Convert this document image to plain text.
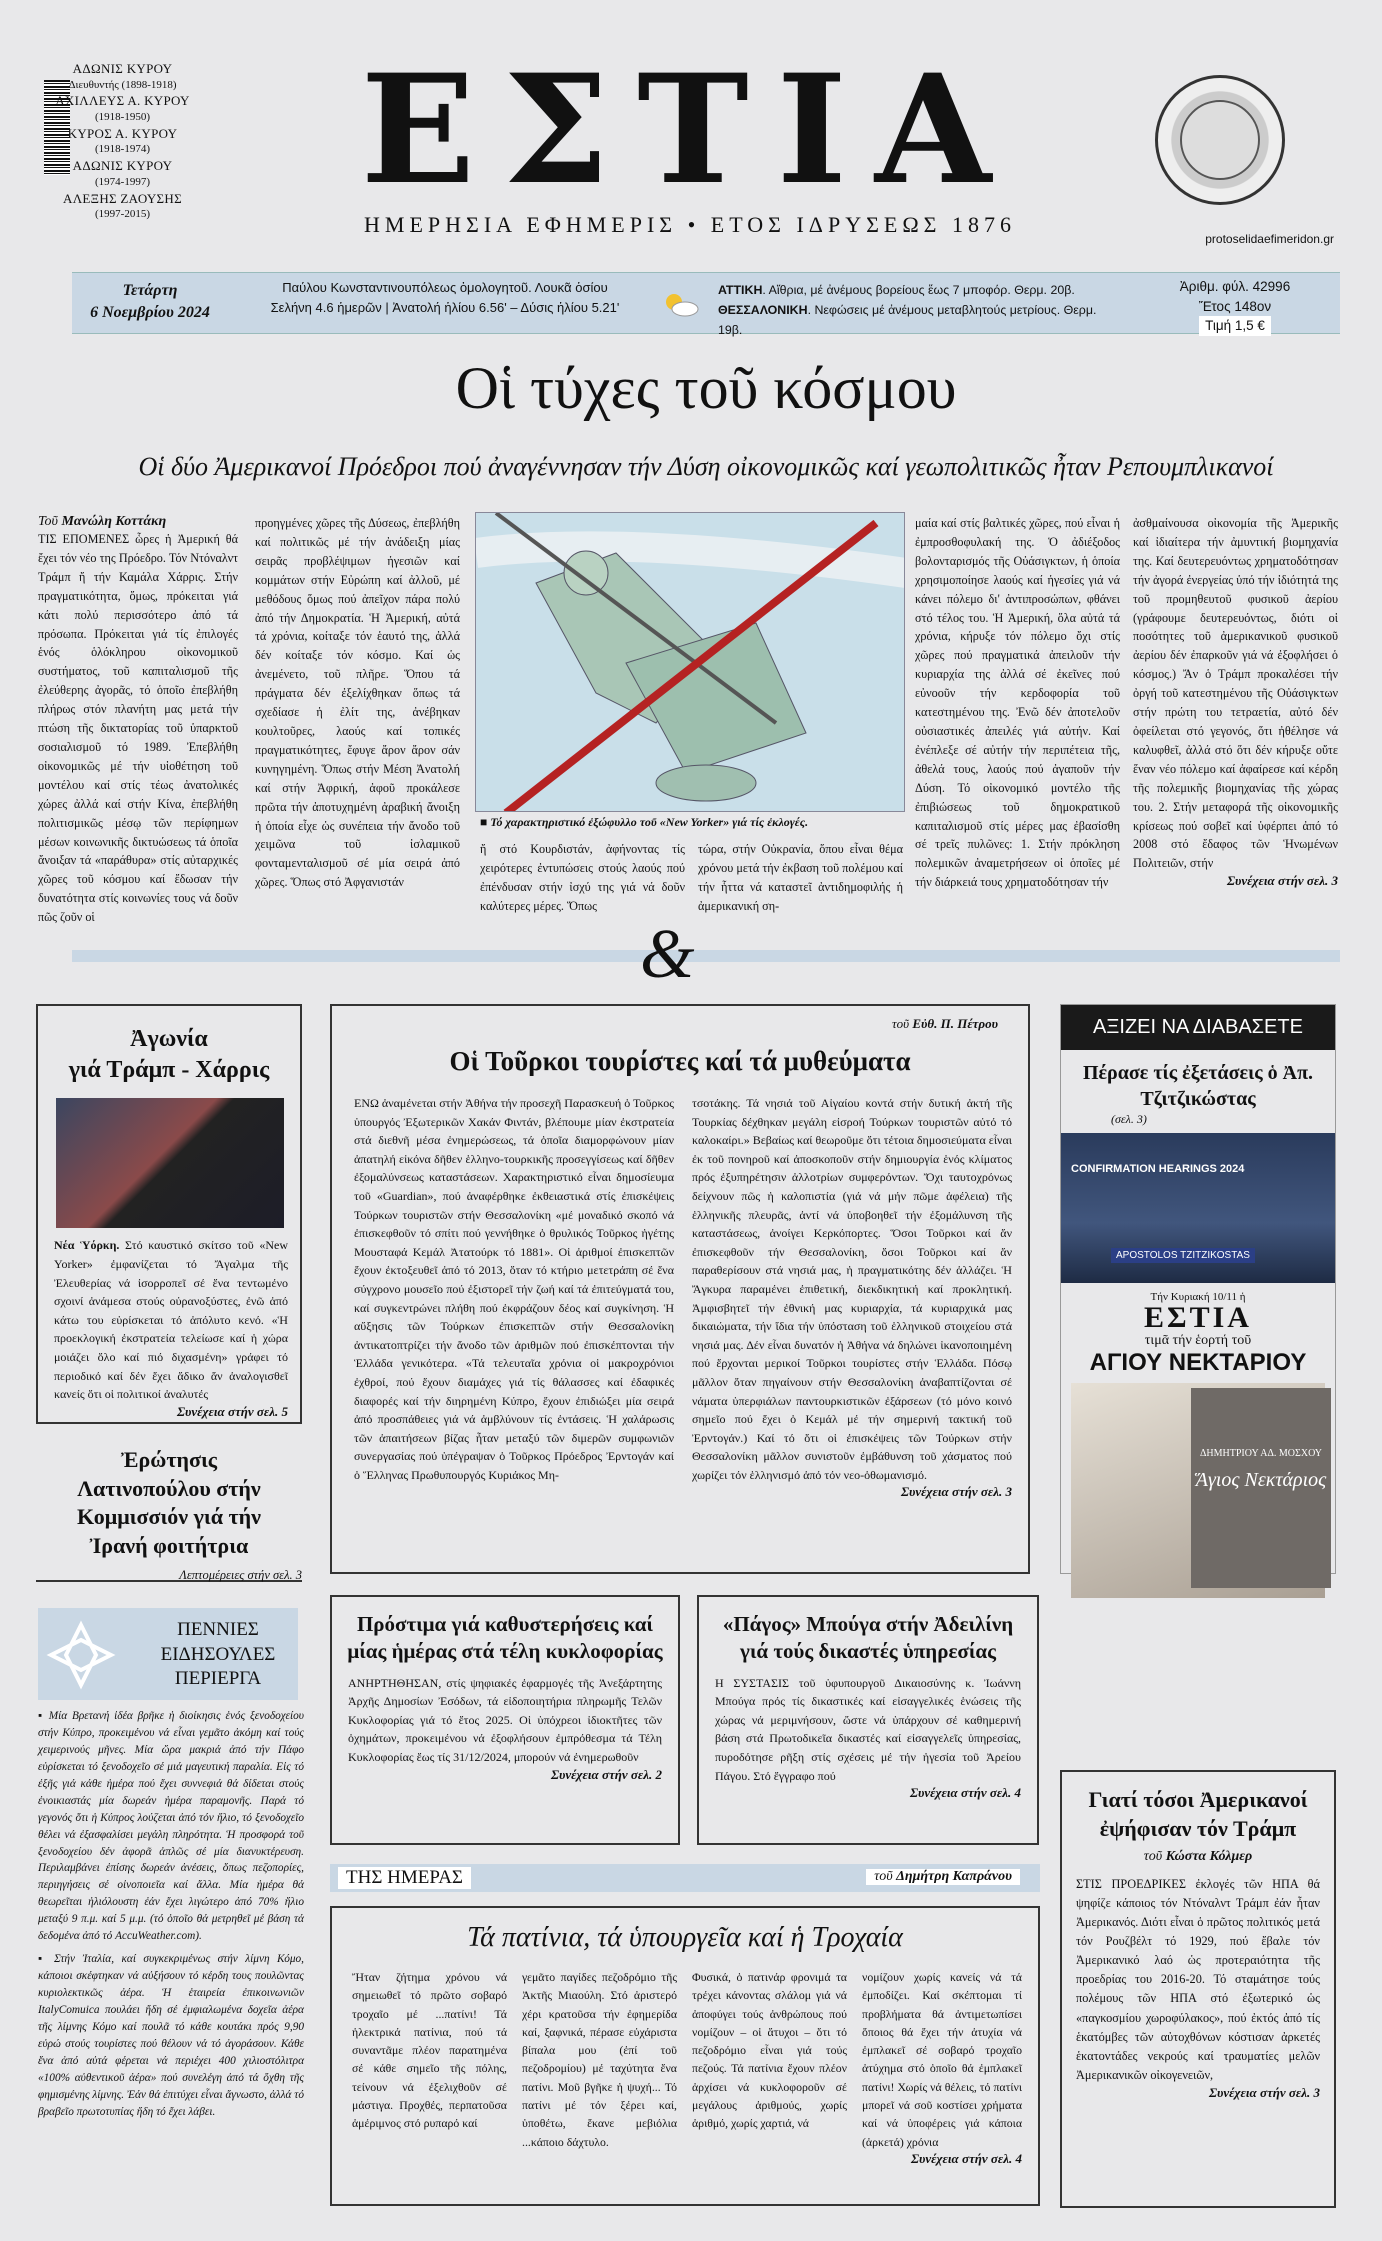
ΑΔΩΝΙΣ ΚΥΡΟΥ
Διευθυντής (1898-1918)
ΑΧΙΛΛΕΥΣ Α. ΚΥΡΟΥ
(1918-1950)
ΚΥΡΟΣ Α. ΚΥΡΟΥ
(1918-1974)
ΑΔΩΝΙΣ ΚΥΡΟΥ
(1974-1997)
ΑΛΕΞΗΣ ΖΑΟΥΣΗΣ
(1997-2015)	ΕΣΤΙΑ
ΗΜΕΡΗΣΙΑ ΕΦΗΜΕΡΙΣ • ΕΤΟΣ ΙΔΡΥΣΕΩΣ 1876
protoselidaefimeridon.gr
Τετάρτη
6 Νοεμβρίου 2024
Παύλου Κωνσταντινουπόλεως ὁμολογητοῦ. Λουκᾶ ὁσίου
Σελήνη 4.6 ἡμερῶν | Ἀνατολή ἡλίου 6.56' – Δύσις ἡλίου 5.21'
ΑΤΤΙΚΗ. Αἴθρια, μέ ἀνέμους βορείους ἕως 7 μποφόρ. Θερμ. 20β.
ΘΕΣΣΑΛΟΝΙΚΗ. Νεφώσεις μέ ἀνέμους μεταβλητούς μετρίους. Θερμ. 19β.
Ἀριθμ. φύλ. 42996
Ἔτος 148ον
Τιμή 1,5 €
Οἱ τύχες τοῦ κόσμου
Οἱ δύο Ἀμερικανοί Πρόεδροι πού ἀναγέννησαν τήν Δύση οἰκονομικῶς καί γεωπολιτικῶς ἦταν Ρεπουμπλικανοί
Τοῦ Μανώλη Κοττάκη
ΤΙΣ ΕΠΟΜΕΝΕΣ ὧρες ἡ Ἀμερική θά ἔχει τόν νέο της Πρόεδρο. Τόν Ντόναλντ Τράμπ ἤ τήν Καμάλα Χάρρις. Στήν πραγματικότητα, ὅμως, πρόκειται γιά κάτι πολύ περισσότερο ἀπό τά πρόσωπα. Πρόκειται γιά τίς ἐπιλογές ἑνός ὁλόκληρου οἰκονομικοῦ συστήματος, τοῦ καπιταλισμοῦ τῆς ἐλεύθερης ἀγορᾶς, τό ὁποῖο ἐπεβλήθη πλήρως στόν πλανήτη μας μετά τήν πτώση τῆς δικτατορίας τοῦ ὑπαρκτοῦ σοσιαλισμοῦ τό 1989. Ἐπεβλήθη οἰκονομικῶς μέ τήν υἱοθέτηση τοῦ μοντέλου καί στίς τέως ἀνατολικές χώρες ἀλλά καί στήν Κίνα, ἐπεβλήθη πολιτισμικῶς μέσῳ τῶν περίφημων μέσων κοινωνικῆς δικτυώσεως τά ὁποῖα ἄνοιξαν τά «παράθυρα» στίς αὐταρχικές χῶρες τοῦ κόσμου καί ἔδωσαν τήν δυνατότητα στίς κοινωνίες τους νά δοῦν πῶς ζοῦν οἱ
προηγμένες χῶρες τῆς Δύσεως, ἐπεβλήθη καί πολιτικῶς μέ τήν ἀνάδειξη μίας σειρᾶς προβλέψιμων ἡγεσιῶν καί κομμάτων στήν Εὐρώπη καί ἀλλοῦ, μέ μεθόδους ὅμως πού ἀπεῖχον πάρα πολύ ἀπό τήν Δημοκρατία. Ἡ Ἀμερική, αὐτά τά χρόνια, κοίταξε τόν ἑαυτό της, ἀλλά δέν κοίταξε τόν κόσμο. Καί ὡς ἀνεμένετο, τοῦ πλῆρε. Ὅπου τά πράγματα δέν ἐξελίχθηκαν ὅπως τά σχεδίασε ἡ ἐλίτ της, ἀνέβηκαν κουλτοῦρες, λαούς καί τοπικές πραγματικότητες, ἔφυγε ἄρον ἄρον σάν κυνηγημένη. Ὅπως στήν Μέση Ἀνατολή καί στήν Ἀφρική, ἀφοῦ προκάλεσε πρῶτα τήν ἀποτυχημένη ἀραβική ἄνοιξη ἡ ὁποία εἶχε ὡς συνέπεια τήν ἄνοδο τοῦ χειμῶνα τοῦ ἰσλαμικοῦ φονταμενταλισμοῦ σέ μία σειρά ἀπό χῶρες. Ὅπως στό Ἀφγανιστάν
■ Τό χαρακτηριστικό ἐξώφυλλο τοῦ «New Yorker» γιά τίς ἐκλογές.
ἤ στό Κουρδιστάν, ἀφήνοντας τίς χειρότερες ἐντυπώσεις στούς λαούς πού ἐπένδυσαν στήν ἰσχύ της γιά νά δοῦν καλύτερες μέρες. Ὅπως
τώρα, στήν Οὐκρανία, ὅπου εἶναι θέμα χρόνου μετά τήν ἐκβαση τοῦ πολέμου καί τήν ἧττα νά καταστεῖ ἀντιδημοφιλής ἡ ἀμερικανική ση-
μαία καί στίς βαλτικές χῶρες, πού εἶναι ἡ ἐμπροσθοφυλακή της. Ὁ ἀδιέξοδος βολονταρισμός τῆς Οὐάσιγκτων, ἡ ὁποία χρησιμοποίησε λαούς καί ἡγεσίες γιά νά κάνει πόλεμο δι' ἀντιπροσώπων, φθάνει στό τέλος του. Ἡ Ἀμερική, ὅλα αὐτά τά χρόνια, κήρυξε τόν πόλεμο ὄχι στίς χῶρες πού πραγματικά ἀπειλοῦν τήν κυριαρχία της ἀλλά σέ ἐκεῖνες πού εὐνοοῦν τήν κερδοφορία τοῦ κατεστημένου της. Ἐνῶ δέν ἀποτελοῦν οὐσιαστικές ἀπειλές γιά αὐτήν. Καί ἐνέπλεξε σέ αὐτήν τήν περιπέτεια τῆς, ἀθελά τους, λαούς πού ἀγαποῦν τήν Δύση. Τό οἰκονομικό μοντέλο τῆς ἐπιβιώσεως τοῦ δημοκρατικοῦ καπιταλισμοῦ στίς μέρες μας ἐβασίσθη σέ τρεῖς πυλῶνες: 1. Στήν πρόκληση πολεμικῶν ἀναμετρήσεων οἱ ὁποῖες μέ τήν διάρκειά τους χρηματοδότησαν τήν
ἀσθμαίνουσα οἰκονομία τῆς Ἀμερικῆς καί ἰδιαίτερα τήν ἀμυντική βιομηχανία της. Καί δευτερευόντως χρηματοδότησαν τήν ἀγορά ἐνεργείας ὑπό τήν ἰδιότητά της τοῦ προμηθευτοῦ φυσικοῦ ἀερίου (γράφουμε δευτερευόντως, διότι οἱ ποσότητες τοῦ ἀμερικανικοῦ φυσικοῦ ἀερίου δέν ἐπαρκοῦν γιά νά ἐξοφλήσει ὁ κόσμος.) Ἄν ὁ Τράμπ προκαλέσει τήν ὀργή τοῦ κατεστημένου τῆς Οὐάσιγκτων στήν πρώτη του τετραετία, αὐτό δέν ὀφείλεται στό γεγονός, ὅτι ἠθέλησε νά καλυφθεῖ, ἀλλά στό ὅτι δέν κήρυξε οὔτε ἕναν νέο πόλεμο καί ἀφαίρεσε καί κέρδη τῆς πολεμικῆς βιομηχανίας τῆς χώρας του. 2. Στήν μεταφορά τῆς οἰκονομικῆς κρίσεως πού σοβεῖ καί ὑφέρπει ἀπό τό 2008 στό ἔδαφος τῶν Ἡνωμένων Πολιτειῶν, στήν
Συνέχεια στήν σελ. 3
&
Ἀγωνία
γιά Τράμπ - Χάρρις
Νέα Ὑόρκη. Στό καυστικό σκίτσο τοῦ «New Yorker» ἐμφανίζεται τό Ἄγαλμα τῆς Ἐλευθερίας νά ἰσορροπεῖ σέ ἕνα τεντωμένο σχοινί ἀνάμεσα στούς οὐρανοξύστες, ἐνῶ ἀπό κάτω του εὑρίσκεται τό ἀπόλυτο κενό. «Ἡ προεκλογική ἐκστρατεία τελείωσε καί ἡ χώρα μοιάζει ὅλο καί πιό διχασμένη» γράφει τό περιοδικό καί δέν ἔχει ἄδικο ἄν ἀναλογισθεῖ κανείς ὅτι οἱ πολιτικοί ἀναλυτές
Συνέχεια στήν σελ. 5
Ἐρώτησις Λατινοπούλου στήν Κομμισσιόν γιά τήν Ἰρανή φοιτήτρια
Λεπτομέρειες στήν σελ. 3
τοῦ Εὐθ. Π. Πέτρου
Οἱ Τοῦρκοι τουρίστες καί τά μυθεύματα
ΕΝΩ ἀναμένεται στήν Ἀθήνα τήν προσεχῆ Παρασκευή ὁ Τοῦρκος ὑπουργός Ἐξωτερικῶν Χακάν Φιντάν, βλέπουμε μίαν ἐκστρατεία στά διεθνῆ μέσα ἐνημερώσεως, τά ὁποῖα διαμορφώνουν μίαν ἀπατηλή εἰκόνα δῆθεν ἑλληνο-τουρκικῆς προσεγγίσεως καί δῆθεν ἐξομαλύνσεως καταστάσεων. Χαρακτηριστικό εἶναι δημοσίευμα τοῦ «Guardian», πού ἀναφέρθηκε ἐκθειαστικά στίς ἐπισκέψεις Τούρκων τουριστῶν στήν Θεσσαλονίκη «μέ μοναδικό σκοπό νά ἐπισκεφθοῦν τό σπίτι πού γεννήθηκε ὁ θρυλικός Τοῦρκος ἡγέτης Μουσταφά Κεμάλ Ἀτατούρκ τό 1881». Οἱ ἀριθμοί ἐπισκεπτῶν ἔχουν ἐκτοξευθεῖ ἀπό τό 2013, ὅταν τό κτήριο μετετράπη σέ ἕνα σύγχρονο μουσεῖο πού ἐξιστορεῖ τήν ζωή καί τά ἐπιτεύγματά του, καί συγκεντρώνει πλήθη πού ἐκφράζουν δέος καί συγκίνηση. Ἡ αὔξησις τῶν Τούρκων ἐπισκεπτῶν στήν Θεσσαλονίκη ἀντικατοπτρίζει τήν ἄνοδο τῶν ἀριθμῶν πού ἐπισκέπτονται τήν Ἑλλάδα γενικότερα. «Τά τελευταῖα χρόνια οἱ μακροχρόνιοι ἐχθροί, πού ἔχουν διαμάχες γιά τίς θάλασσες καί ἐδαφικές διαφορές καί τήν διηρημένη Κύπρο, ἔχουν ἐπιδιώξει μία σειρά ἀπό προσπάθειες γιά νά ἀμβλύνουν τίς ἐντάσεις. Ἡ χαλάρωσις τῶν ἀπαιτήσεων βίζας ἦταν μεταξύ τῶν διμερῶν συμφωνιῶν συνεργασίας πού ὑπέγραψαν ὁ Τοῦρκος Πρόεδρος Ἐρντογάν καί ὁ Ἕλληνας Πρωθυπουργός Κυριάκος Μη-
τσοτάκης. Τά νησιά τοῦ Αἰγαίου κοντά στήν δυτική ἀκτή τῆς Τουρκίας δέχθηκαν μεγάλη εἰσροή Τούρκων τουριστῶν αὐτό τό καλοκαίρι.» Βεβαίως καί θεωροῦμε ὅτι τέτοια δημοσιεύματα εἶναι ἐκ τοῦ πονηροῦ καί ἀποσκοποῦν στήν δημιουργία ἑνός κλίματος πρός ἐξυπηρέτησιν ἀλλοτρίων συμφερόντων. Ὄχι ταυτοχρόνως δείχνουν πῶς ἡ καλοπιστία (γιά νά μήν πῶμε ἀφέλεια) τῆς ἑλληνικῆς πλευρᾶς, ἀντί νά ὑποβοηθεῖ τήν ἐξομάλυνση τῆς καταστάσεως, ἀνοίγει Κερκόπορτες. Ὅσοι Τοῦρκοι καί ἄν ἐπισκεφθοῦν τήν Θεσσαλονίκη, ὅσοι Τοῦρκοι καί ἄν παραθερίσουν στά νησιά μας, ἡ πραγματικότης δέν ἀλλάζει. Ἡ Ἄγκυρα παραμένει ἐπιθετική, διεκδικητική καί προκλητική. Ἀμφισβητεῖ τήν ἐθνική μας κυριαρχία, τά κυριαρχικά μας δικαιώματα, τήν ἴδια τήν ὑπόσταση τοῦ ἑλληνικοῦ στοιχείου στά νησιά μας. Δέν εἶναι δυνατόν ἡ Ἀθήνα νά δηλώνει ἱκανοποιημένη πού ἔρχονται μερικοί Τοῦρκοι τουρίστες στήν Ἑλλάδα. Πόσῳ μᾶλλον ὅταν πηγαίνουν στήν Θεσσαλονίκη ἀναβαπτίζονται σέ νάματα ὑπερφιάλων παντουρκιστικῶν ἐξάρσεων (τό μόνο κοινό σημεῖο πού ἔχει ὁ Κεμάλ μέ τήν σημερινή τακτική τοῦ Ἐρντογάν.) Καί τό ὅτι οἱ ἐπισκέψεις τῶν Τούρκων στήν Θεσσαλονίκη μᾶλλον συνιστοῦν ἐμβάθυνση τοῦ χάσματος πού χωρίζει τόν ἑλληνισμό ἀπό τόν νεο-ὀθωμανισμό.
Συνέχεια στήν σελ. 3
ΑΞΙΖΕΙ ΝΑ ΔΙΑΒΑΣΕΤΕ
Πέρασε τίς ἐξετάσεις ὁ Ἀπ. Τζιτζικώστας
(σελ. 3)
CONFIRMATION HEARINGS 2024
APOSTOLOS TZITZIKOSTAS
Τήν Κυριακή 10/11 ἡ
ΕΣΤΙΑ
τιμᾶ τήν ἑορτή τοῦ
ΑΓΙΟΥ ΝΕΚΤΑΡΙΟΥ
ΔΗΜΗΤΡΙΟΥ ΑΔ. ΜΟΣΧΟΥ
Ἅγιος Νεκτάριος
ΠΕΝΝΙΕΣ ΕΙΔΗΣΟΥΛΕΣ ΠΕΡΙΕΡΓΑ
▪ Μία Βρετανή ἰδέα βρῆκε ἡ διοίκησις ἑνός ξενοδοχείου στήν Κύπρο, προκειμένου νά εἶναι γεμᾶτο ἀκόμη καί τούς χειμερινούς μῆνες. Μία ὥρα μακριά ἀπό τήν Πάφο εὑρίσκεται τό ξενοδοχεῖο σέ μιά μαγευτική παραλία. Εἰς τό ἐξῆς γιά κάθε ἡμέρα πού ἔχει συννεφιά θά δίδεται στούς ἐνοικιαστάς μία δωρεάν ἡμέρα παραμονῆς. Παρά τό γεγονός ὅτι ἡ Κύπρος λούζεται ἀπό τόν ἥλιο, τό ξενοδοχεῖο θέλει νά ἐξασφαλίσει μεγάλη πληρότητα. Ἡ προσφορά τοῦ ξενοδοχείου δέν ἀφορᾶ ἁπλῶς σέ μία διανυκτέρευση. Περιλαμβάνει ἐπίσης δωρεάν ἀνέσεις, ὅπως πεζοπορίες, περιηγήσεις σέ οἰνοποιεῖα καί ἄλλα. Μία ἡμέρα θά θεωρεῖται ἡλιόλουστη ἐάν ἔχει λιγώτερο ἀπό 70% ἥλιο μεταξύ 9 π.μ. καί 5 μ.μ. (τό ὁποῖο θά μετρηθεῖ μέ βάση τά δεδομένα ἀπό τό AccuWeather.com).
▪ Στήν Ἰταλία, καί συγκεκριμένως στήν λίμνη Κόμο, κάποιοι σκέφτηκαν νά αὐξήσουν τό κέρδη τους πουλῶντας κυριολεκτικῶς ἀέρα. Ἡ ἑταιρεία ἐπικοινωνιῶν ItalyComuica πουλάει ἤδη σέ ἐμφιαλωμένα δοχεῖα ἀέρα τῆς λίμνης Κόμο καί πουλᾶ τό κάθε κουτάκι πρός 9,90 εὐρώ στούς τουρίστες πού θέλουν νά τό ἀγοράσουν. Κάθε ἕνα ἀπό αὐτά φέρεται νά περιέχει 400 χιλιοστόλιτρα «100% αὐθεντικοῦ ἀέρα» πού συνελέγη ἀπό τά ὄχθη τῆς φημισμένης λίμνης. Ἐάν θά ἐπιτύχει εἶναι ἄγνωστο, ἀλλά τό βραβεῖο πρωτοτυπίας ἤδη τό ἔχει λάβει.
Πρόστιμα γιά καθυστερήσεις καί μίας ἡμέρας στά τέλη κυκλοφορίας
ΑΝΗΡΤΗΘΗΣΑΝ, στίς ψηφιακές ἐφαρμογές τῆς Ἀνεξάρτητης Ἀρχῆς Δημοσίων Ἐσόδων, τά εἰδοποιητήρια πληρωμῆς Τελῶν Κυκλοφορίας γιά τό ἔτος 2025. Οἱ ὑπόχρεοι ἰδιοκτῆτες τῶν ὀχημάτων, προκειμένου νά ἐξοφλήσουν ἐμπρόθεσμα τά Τέλη Κυκλοφορίας ἕως τίς 31/12/2024, μπορούν νά ἐνημερωθοῦν
Συνέχεια στήν σελ. 2
«Πάγος» Μπούγα στήν Ἀδειλίνη γιά τούς δικαστές ὑπηρεσίας
Η ΣΥΣΤΑΣΙΣ τοῦ ὑφυπουργοῦ Δικαιοσύνης κ. Ἰωάννη Μπούγα πρός τίς δικαστικές καί εἰσαγγελικές ἑνώσεις τῆς χώρας νά μεριμνήσουν, ὥστε νά ὑπάρχουν σέ καθημερινή βάση στά Πρωτοδικεῖα δικαστές καί εἰσαγγελεῖς ὑπηρεσίας, πυροδότησε ρῆξη στίς σχέσεις μέ τήν ἡγεσία τοῦ Ἀρείου Πάγου. Στό ἔγγραφο πού
Συνέχεια στήν σελ. 4
ΤΗΣ ΗΜΕΡΑΣ	τοῦ Δημήτρη Καπράνου
Τά πατίνια, τά ὑπουργεῖα καί ἡ Τροχαία
Ἤταν ζήτημα χρόνου νά σημειωθεῖ τό πρῶτο σοβαρό τροχαῖο μέ ...πατίνι! Τά ἠλεκτρικά πατίνια, πού τά συναντᾶμε πλέον παρατημένα σέ κάθε σημεῖο τῆς πόλης, τείνουν νά ἐξελιχθοῦν σέ μάστιγα. Προχθές, περπατοῦσα ἀμέριμνος στό ρυπαρό καί
γεμᾶτο παγίδες πεζοδρόμιο τῆς Ἀκτῆς Μιαούλη. Στό ἀριστερό χέρι κρατοῦσα τήν ἐφημερίδα καί, ξαφνικά, πέρασε εὐχάριστα βίπαλα μου (ἐπί τοῦ πεζοδρομίου) μέ ταχύτητα ἕνα πατίνι. Μοῦ βγῆκε ἡ ψυχή... Τό πατίνι μέ τόν ξέρει καί, ὑποθέτω, ἔκανε μεβιόλια ...κάποιο δάχτυλο.
Φυσικά, ὁ πατινάρ φρονιμά τα τρέχει κάνοντας σλάλομ γιά νά ἀποφύγει τούς ἀνθρώπους πού νομίζουν – οἱ ἄτυχοι – ὅτι τό πεζοδρόμιο εἶναι γιά τούς πεζούς. Τά πατίνια ἔχουν πλέον ἀρχίσει νά κυκλοφοροῦν σέ μεγάλους ἀριθμούς, χωρίς ἀριθμό, χωρίς χαρτιά, νά
νομίζουν χωρίς κανείς νά τά ἐμποδίζει. Καί σκέπτομαι τί προβλήματα θά ἀντιμετωπίσει ὅποιος θά ἔχει τήν ἀτυχία νά ἐμπλακεῖ σέ σοβαρό τροχαῖο ἀτύχημα στό ὁποῖο θά ἐμπλακεῖ πατίνι! Χωρίς νά θέλεις, τό πατίνι μπορεῖ νά σοῦ κοστίσει χρήματα καί νά ὑποφέρεις γιά κάποια (ἀρκετά) χρόνια
Συνέχεια στήν σελ. 4
Γιατί τόσοι Ἀμερικανοί ἐψήφισαν τόν Τράμπ
τοῦ Κώστα Κόλμερ
ΣΤΙΣ ΠΡΟΕΔΡΙΚΕΣ ἐκλογές τῶν ΗΠΑ θά ψηφίζε κάποιος τόν Ντόναλντ Τράμπ ἐάν ἦταν Ἀμερικανός. Διότι εἶναι ὁ πρῶτος πολιτικός μετά τόν Ρουζβέλτ τό 1929, πού ἔβαλε τόν Ἀμερικανικό λαό ὡς προτεραιότητα τῆς προεδρίας του 2016-20. Τό σταμάτησε τούς πολέμους τῶν ΗΠΑ στό ἐξωτερικό ὡς «παγκοσμίου χωροφύλακος», πού ἐκτός ἀπό τίς ἑκατόμβες τῶν αὐτοχθόνων κόστισαν ἀρκετές ἑκατοντάδες νεκρούς καί τραυματίες μελῶν Ἀμερικανικῶν οἰκογενειῶν,
Συνέχεια στήν σελ. 3
